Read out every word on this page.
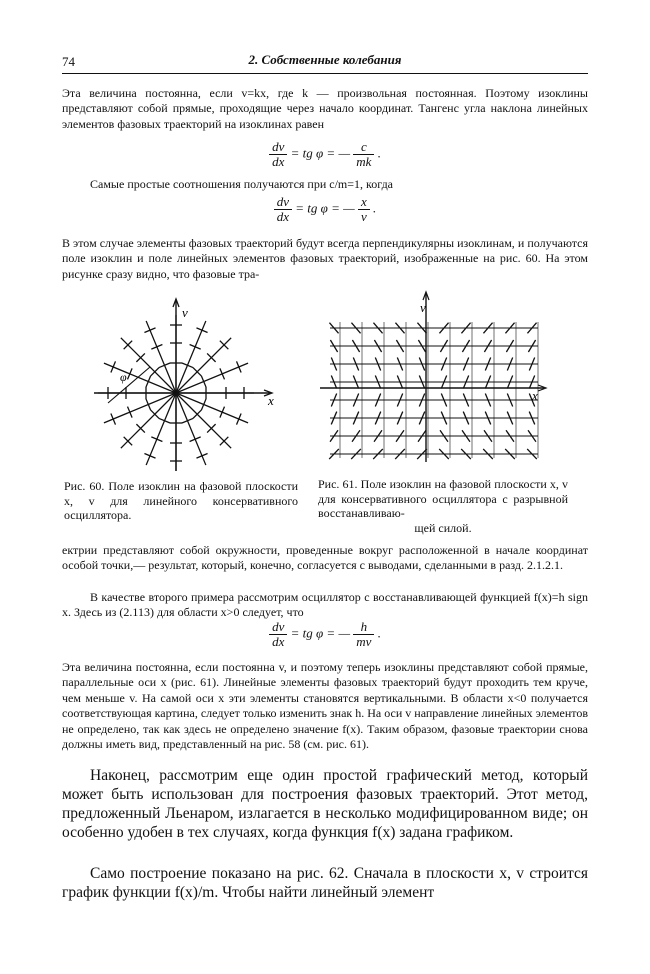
74	2. Собственные колебания

Эта величина постоянна, если v=kx, где k — произвольная постоянная. Поэтому изоклины представляют собой прямые, проходящие через начало координат. Тангенс угла наклона линейных элементов фазовых траекторий на изоклинах равен

$\frac{dv}{dx}$ = tg φ = — $\frac{c}{mk}$ .

Самые простые соотношения получаются при c/m=1, когда

$\frac{dv}{dx}$ = tg φ = — $\frac{x}{v}$ .

В этом случае элементы фазовых траекторий будут всегда перпендикулярны изоклинам, и получаются поле изоклин и поле линейных элементов фазовых траекторий, изображенные на рис. 60. На этом рисунке сразу видно, что фазовые тра-

v
x
φ
Рис. 60. Поле изоклин на фазовой плоскости x, v для линейного консервативного осциллятора.
v
x
Рис. 61. Поле изоклин на фазовой плоскости x, v для консервативного осциллятора с разрывной восстанавливаю-
щей силой.

ектрии представляют собой окружности, проведенные вокруг расположенной в начале координат особой точки,— результат, который, конечно, согласуется с выводами, сделанными в разд. 2.1.2.1.

В качестве второго примера рассмотрим осциллятор с восстанавливающей функцией f(x)=h sign x. Здесь из (2.113) для области x>0 следует, что

$\frac{dv}{dx}$ = tg φ = — $\frac{h}{mv}$ .

Эта величина постоянна, если постоянна v, и поэтому теперь изоклины представляют собой прямые, параллельные оси x (рис. 61). Линейные элементы фазовых траекторий будут проходить тем круче, чем меньше v. На самой оси x эти элементы становятся вертикальными. В области x<0 получается соответствующая картина, следует только изменить знак h. На оси v направление линейных элементов не определено, так как здесь не определено значение f(x). Таким образом, фазовые траектории снова должны иметь вид, представленный на рис. 58 (см. рис. 61).

Наконец, рассмотрим еще один простой графический метод, который может быть использован для построения фазовых траекторий. Этот метод, предложенный Льенаром, излагается в несколько модифицированном виде; он особенно удобен в тех случаях, когда функция f(x) задана графиком.

Само построение показано на рис. 62. Сначала в плоскости x, v строится график функции f(x)/m. Чтобы найти линейный элемент
